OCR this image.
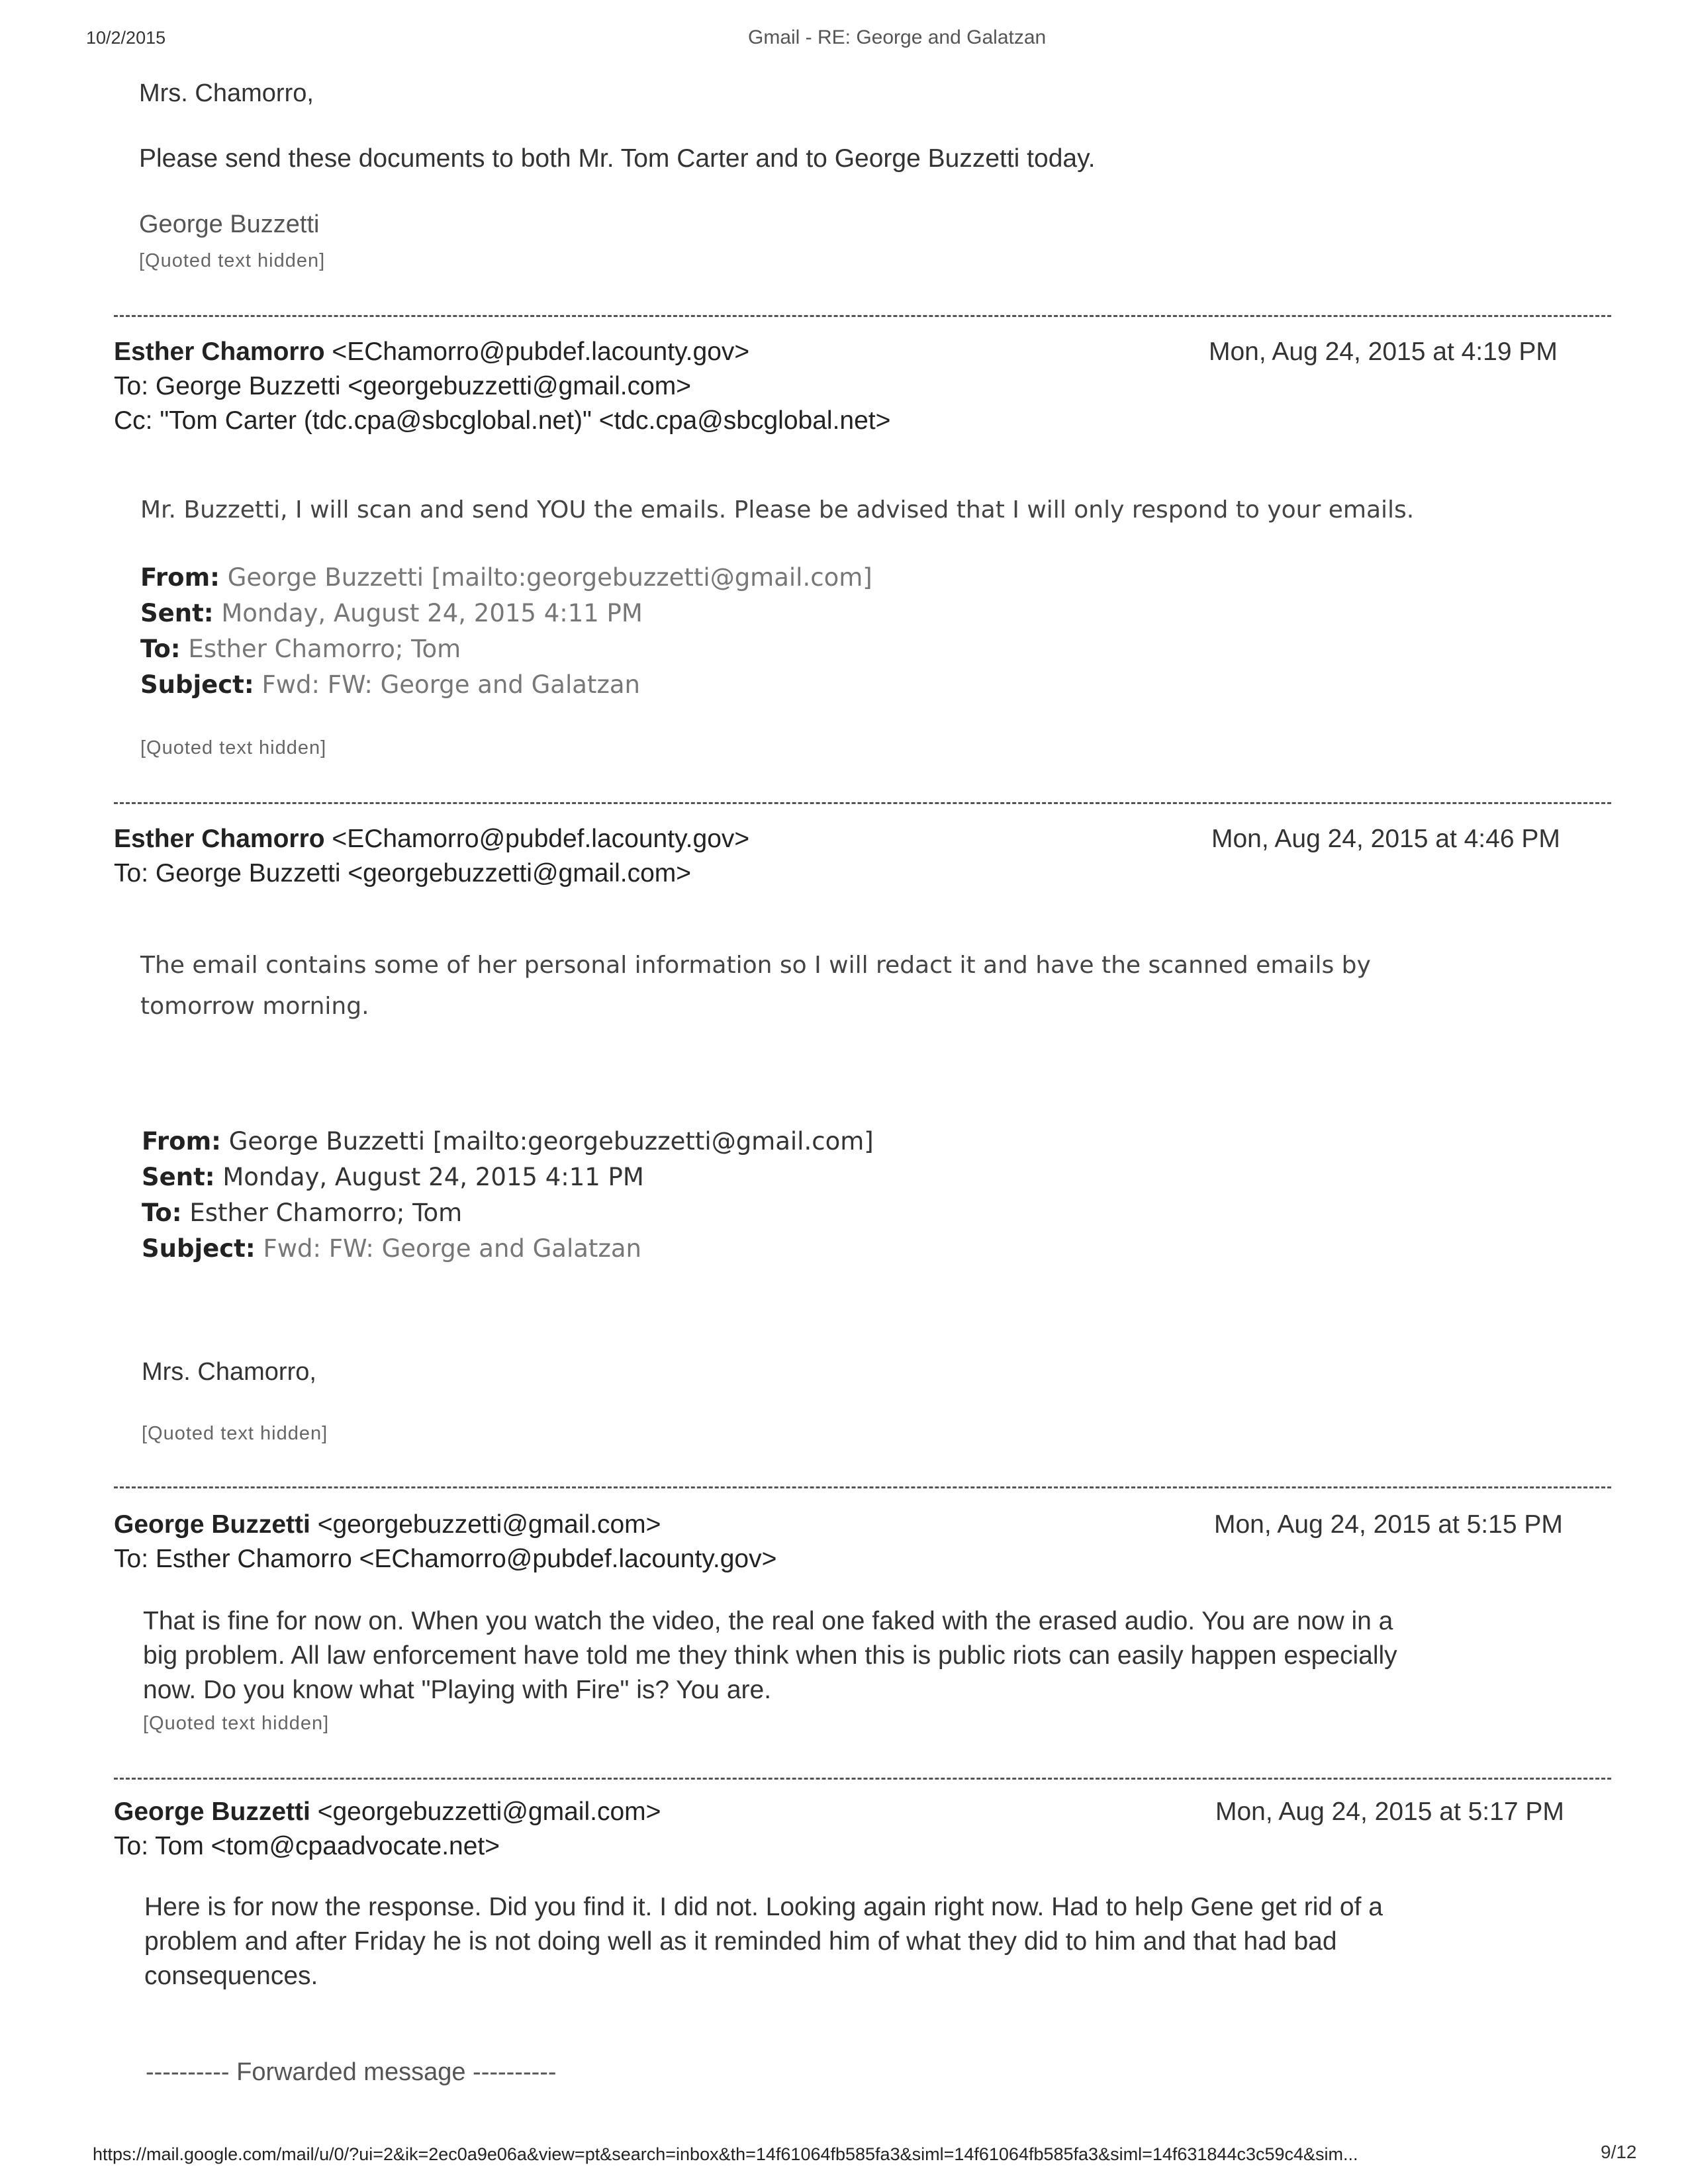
10/2/2015	Gmail - RE: George and Galatzan
Mrs. Chamorro,
Please send these documents to both Mr. Tom Carter and to George Buzzetti today.
George Buzzetti
[Quoted text hidden]
Esther Chamorro <EChamorro@pubdef.lacounty.gov>	Mon, Aug 24, 2015 at 4:19 PM
To: George Buzzetti <georgebuzzetti@gmail.com>
Cc: "Tom Carter (tdc.cpa@sbcglobal.net)" <tdc.cpa@sbcglobal.net>
Mr. Buzzetti, I will scan and send YOU the emails. Please be advised that I will only respond to your emails.
From: George Buzzetti [mailto:georgebuzzetti@gmail.com]
Sent: Monday, August 24, 2015 4:11 PM
To: Esther Chamorro; Tom
Subject: Fwd: FW: George and Galatzan
[Quoted text hidden]
Esther Chamorro <EChamorro@pubdef.lacounty.gov>	Mon, Aug 24, 2015 at 4:46 PM
To: George Buzzetti <georgebuzzetti@gmail.com>
The email contains some of her personal information so I will redact it and have the scanned emails by
tomorrow morning.
From: George Buzzetti [mailto:georgebuzzetti@gmail.com]
Sent: Monday, August 24, 2015 4:11 PM
To: Esther Chamorro; Tom
Subject: Fwd: FW: George and Galatzan
Mrs. Chamorro,
[Quoted text hidden]
George Buzzetti <georgebuzzetti@gmail.com>	Mon, Aug 24, 2015 at 5:15 PM
To: Esther Chamorro <EChamorro@pubdef.lacounty.gov>
That is fine for now on. When you watch the video, the real one faked with the erased audio. You are now in a
big problem. All law enforcement have told me they think when this is public riots can easily happen especially
now. Do you know what "Playing with Fire" is? You are.
[Quoted text hidden]
George Buzzetti <georgebuzzetti@gmail.com>	Mon, Aug 24, 2015 at 5:17 PM
To: Tom <tom@cpaadvocate.net>
Here is for now the response. Did you find it. I did not. Looking again right now. Had to help Gene get rid of a
problem and after Friday he is not doing well as it reminded him of what they did to him and that had bad
consequences.
---------- Forwarded message ----------
https://mail.google.com/mail/u/0/?ui=2&ik=2ec0a9e06a&view=pt&search=inbox&th=14f61064fb585fa3&siml=14f61064fb585fa3&siml=14f631844c3c59c4&sim...	9/12
